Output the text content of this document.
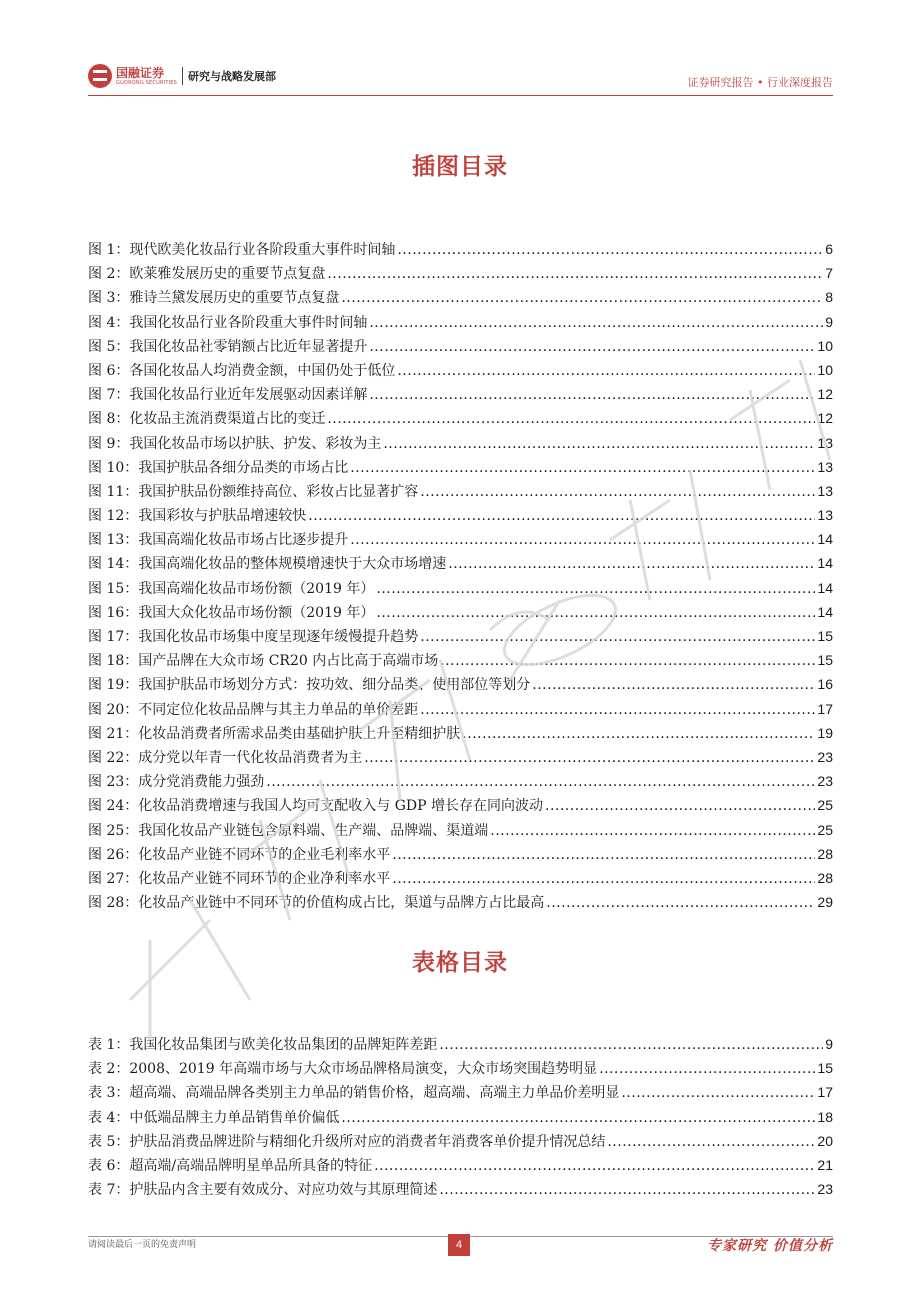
国融证券
GUORONG SECURITIES 研究与战略发展部	证券研究报告 • 行业深度报告
插图目录
图 1：现代欧美化妆品行业各阶段重大事件时间轴 .....	6
图 2：欧莱雅发展历史的重要节点复盘 .....	7
图 3：雅诗兰黛发展历史的重要节点复盘 .....	8
图 4：我国化妆品行业各阶段重大事件时间轴 .....	9
图 5：我国化妆品社零销额占比近年显著提升 .....	10
图 6：各国化妆品人均消费金额，中国仍处于低位 .....	10
图 7：我国化妆品行业近年发展驱动因素详解 .....	12
图 8：化妆品主流消费渠道占比的变迁 .....	12
图 9：我国化妆品市场以护肤、护发、彩妆为主 .....	13
图 10：我国护肤品各细分品类的市场占比 .....	13
图 11：我国护肤品份额维持高位、彩妆占比显著扩容 .....	13
图 12：我国彩妆与护肤品增速较快 .....	13
图 13：我国高端化妆品市场占比逐步提升 .....	14
图 14：我国高端化妆品的整体规模增速快于大众市场增速 .....	14
图 15：我国高端化妆品市场份额（2019 年） .....	14
图 16：我国大众化妆品市场份额（2019 年） .....	14
图 17：我国化妆品市场集中度呈现逐年缓慢提升趋势 .....	15
图 18：国产品牌在大众市场 CR20 内占比高于高端市场 .....	15
图 19：我国护肤品市场划分方式：按功效、细分品类、使用部位等划分 .....	16
图 20：不同定位化妆品品牌与其主力单品的单价差距 .....	17
图 21：化妆品消费者所需求品类由基础护肤上升至精细护肤 .....	19
图 22：成分党以年青一代化妆品消费者为主 .....	23
图 23：成分党消费能力强劲 .....	23
图 24：化妆品消费增速与我国人均可支配收入与 GDP 增长存在同向波动 .....	25
图 25：我国化妆品产业链包含原料端、生产端、品牌端、渠道端 .....	25
图 26：化妆品产业链不同环节的企业毛利率水平 .....	28
图 27：化妆品产业链不同环节的企业净利率水平 .....	28
图 28：化妆品产业链中不同环节的价值构成占比，渠道与品牌方占比最高 .....	29
表格目录
表 1：我国化妆品集团与欧美化妆品集团的品牌矩阵差距 .....	9
表 2：2008、2019 年高端市场与大众市场品牌格局演变，大众市场突围趋势明显 .....	15
表 3：超高端、高端品牌各类别主力单品的销售价格，超高端、高端主力单品价差明显 .....	17
表 4：中低端品牌主力单品销售单价偏低 .....	18
表 5：护肤品消费品牌进阶与精细化升级所对应的消费者年消费客单价提升情况总结 .....	20
表 6：超高端/高端品牌明星单品所具备的特征 .....	21
表 7：护肤品内含主要有效成分、对应功效与其原理简述 .....	23
请阅读最后一页的免责声明	4	专家研究 价值分析
